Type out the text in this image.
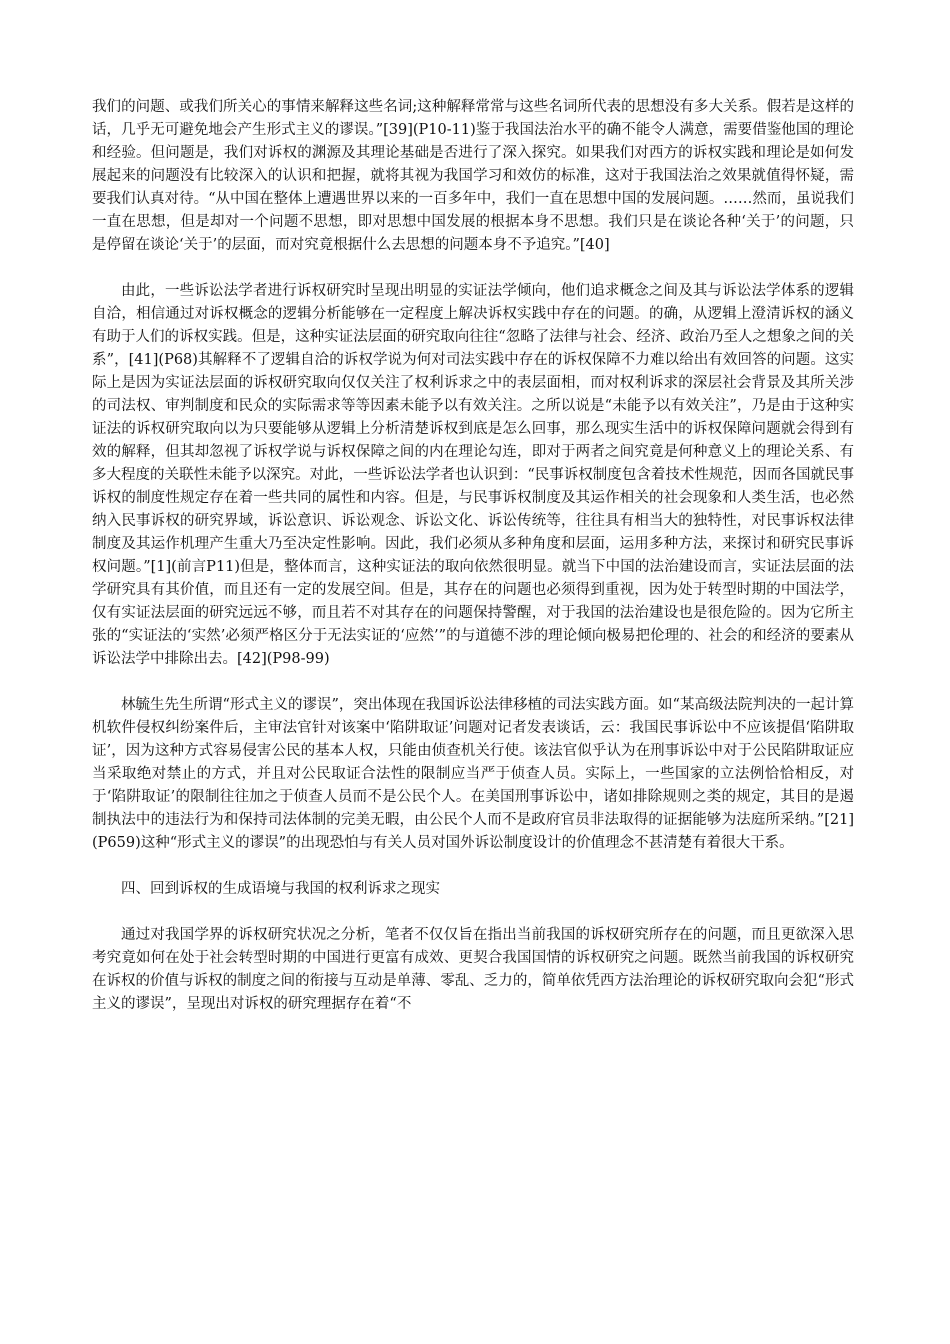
我们的问题、或我们所关心的事情来解释这些名词;这种解释常常与这些名词所代表的思想没有多大关系。假若是这样的话，几乎无可避免地会产生形式主义的谬误。”[39](P10-11)鉴于我国法治水平的确不能令人满意，需要借鉴他国的理论和经验。但问题是，我们对诉权的渊源及其理论基础是否进行了深入探究。如果我们对西方的诉权实践和理论是如何发展起来的问题没有比较深入的认识和把握，就将其视为我国学习和效仿的标准，这对于我国法治之效果就值得怀疑，需要我们认真对待。“从中国在整体上遭遇世界以来的一百多年中，我们一直在思想中国的发展问题。……然而，虽说我们一直在思想，但是却对一个问题不思想，即对思想中国发展的根据本身不思想。我们只是在谈论各种‘关于’的问题，只是停留在谈论‘关于’的层面，而对究竟根据什么去思想的问题本身不予追究。”[40]

由此，一些诉讼法学者进行诉权研究时呈现出明显的实证法学倾向，他们追求概念之间及其与诉讼法学体系的逻辑自洽，相信通过对诉权概念的逻辑分析能够在一定程度上解决诉权实践中存在的问题。的确，从逻辑上澄清诉权的涵义有助于人们的诉权实践。但是，这种实证法层面的研究取向往往“忽略了法律与社会、经济、政治乃至人之想象之间的关系”，[41](P68)其解释不了逻辑自洽的诉权学说为何对司法实践中存在的诉权保障不力难以给出有效回答的问题。这实际上是因为实证法层面的诉权研究取向仅仅关注了权利诉求之中的表层面相，而对权利诉求的深层社会背景及其所关涉的司法权、审判制度和民众的实际需求等等因素未能予以有效关注。之所以说是“未能予以有效关注”，乃是由于这种实证法的诉权研究取向以为只要能够从逻辑上分析清楚诉权到底是怎么回事，那么现实生活中的诉权保障问题就会得到有效的解释，但其却忽视了诉权学说与诉权保障之间的内在理论勾连，即对于两者之间究竟是何种意义上的理论关系、有多大程度的关联性未能予以深究。对此，一些诉讼法学者也认识到：“民事诉权制度包含着技术性规范，因而各国就民事诉权的制度性规定存在着一些共同的属性和内容。但是，与民事诉权制度及其运作相关的社会现象和人类生活，也必然纳入民事诉权的研究界域，诉讼意识、诉讼观念、诉讼文化、诉讼传统等，往往具有相当大的独特性，对民事诉权法律制度及其运作机理产生重大乃至决定性影响。因此，我们必须从多种角度和层面，运用多种方法，来探讨和研究民事诉权问题。”[1](前言P11)但是，整体而言，这种实证法的取向依然很明显。就当下中国的法治建设而言，实证法层面的法学研究具有其价值，而且还有一定的发展空间。但是，其存在的问题也必须得到重视，因为处于转型时期的中国法学，仅有实证法层面的研究远远不够，而且若不对其存在的问题保持警醒，对于我国的法治建设也是很危险的。因为它所主张的“实证法的‘实然’必须严格区分于无法实证的‘应然’”的与道德不涉的理论倾向极易把伦理的、社会的和经济的要素从诉讼法学中排除出去。[42](P98-99)

林毓生先生所谓“形式主义的谬误”，突出体现在我国诉讼法律移植的司法实践方面。如“某高级法院判决的一起计算机软件侵权纠纷案件后，主审法官针对该案中‘陷阱取证’问题对记者发表谈话，云：我国民事诉讼中不应该提倡‘陷阱取证’，因为这种方式容易侵害公民的基本人权，只能由侦查机关行使。该法官似乎认为在刑事诉讼中对于公民陷阱取证应当采取绝对禁止的方式，并且对公民取证合法性的限制应当严于侦查人员。实际上，一些国家的立法例恰恰相反，对于‘陷阱取证’的限制往往加之于侦查人员而不是公民个人。在美国刑事诉讼中，诸如排除规则之类的规定，其目的是遏制执法中的违法行为和保持司法体制的完美无暇，由公民个人而不是政府官员非法取得的证据能够为法庭所采纳。”[21](P659)这种“形式主义的谬误”的出现恐怕与有关人员对国外诉讼制度设计的价值理念不甚清楚有着很大干系。

四、回到诉权的生成语境与我国的权利诉求之现实

通过对我国学界的诉权研究状况之分析，笔者不仅仅旨在指出当前我国的诉权研究所存在的问题，而且更欲深入思考究竟如何在处于社会转型时期的中国进行更富有成效、更契合我国国情的诉权研究之问题。既然当前我国的诉权研究在诉权的价值与诉权的制度之间的衔接与互动是单薄、零乱、乏力的，简单依凭西方法治理论的诉权研究取向会犯“形式主义的谬误”，呈现出对诉权的研究理据存在着“不
